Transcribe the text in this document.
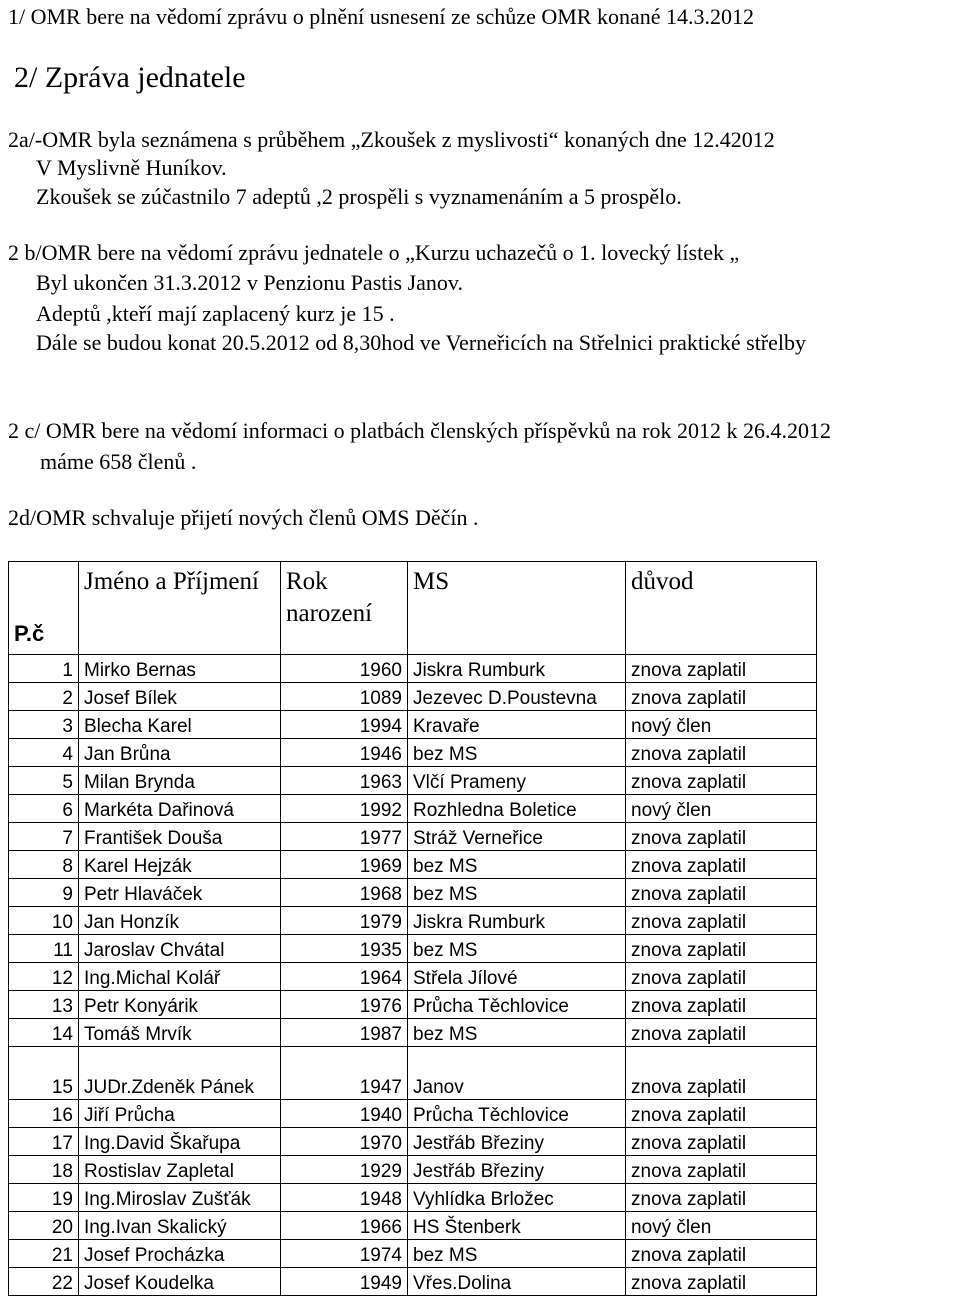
1/ OMR bere na vědomí zprávu o plnění usnesení ze schůze OMR konané 14.3.2012
2/ Zpráva jednatele
2a/-OMR byla seznámena s průběhem „Zkoušek z myslivosti“ konaných dne 12.42012
V Myslivně Huníkov.
Zkoušek se zúčastnilo 7 adeptů ,2 prospěli s vyznamenáním a 5 prospělo.
2 b/OMR bere na vědomí zprávu jednatele o „Kurzu uchazečů o 1. lovecký lístek „
Byl ukončen 31.3.2012 v Penzionu Pastis Janov.
Adeptů ,kteří mají zaplacený kurz je 15 .
Dále se budou konat 20.5.2012 od 8,30hod ve Verneřicích na Střelnici praktické střelby
2 c/ OMR bere na vědomí informaci o platbách členských příspěvků na rok 2012 k 26.4.2012
máme 658 členů .
2d/OMR schvaluje přijetí nových členů OMS Děčín .
P.č	Jméno a Příjmení	Rok narození	MS	důvod
1	Mirko Bernas	1960	Jiskra Rumburk	znova zaplatil
2	Josef Bílek	1089	Jezevec D.Poustevna	znova zaplatil
3	Blecha Karel	1994	Kravaře	nový člen
4	Jan Brůna	1946	bez MS	znova zaplatil
5	Milan Brynda	1963	Vlčí Prameny	znova zaplatil
6	Markéta Dařinová	1992	Rozhledna Boletice	nový člen
7	František Douša	1977	Stráž Verneřice	znova zaplatil
8	Karel Hejzák	1969	bez MS	znova zaplatil
9	Petr Hlaváček	1968	bez MS	znova zaplatil
10	Jan Honzík	1979	Jiskra Rumburk	znova zaplatil
11	Jaroslav Chvátal	1935	bez MS	znova zaplatil
12	Ing.Michal Kolář	1964	Střela Jílové	znova zaplatil
13	Petr Konyárik	1976	Průcha Těchlovice	znova zaplatil
14	Tomáš Mrvík	1987	bez MS	znova zaplatil
15	JUDr.Zdeněk Pánek	1947	Janov	znova zaplatil
16	Jiří Průcha	1940	Průcha Těchlovice	znova zaplatil
17	Ing.David Škařupa	1970	Jestřáb Březiny	znova zaplatil
18	Rostislav Zapletal	1929	Jestřáb Březiny	znova zaplatil
19	Ing.Miroslav Zušťák	1948	Vyhlídka Brložec	znova zaplatil
20	Ing.Ivan Skalický	1966	HS Štenberk	nový člen
21	Josef Procházka	1974	bez MS	znova zaplatil
22	Josef Koudelka	1949	Vřes.Dolina	znova zaplatil
